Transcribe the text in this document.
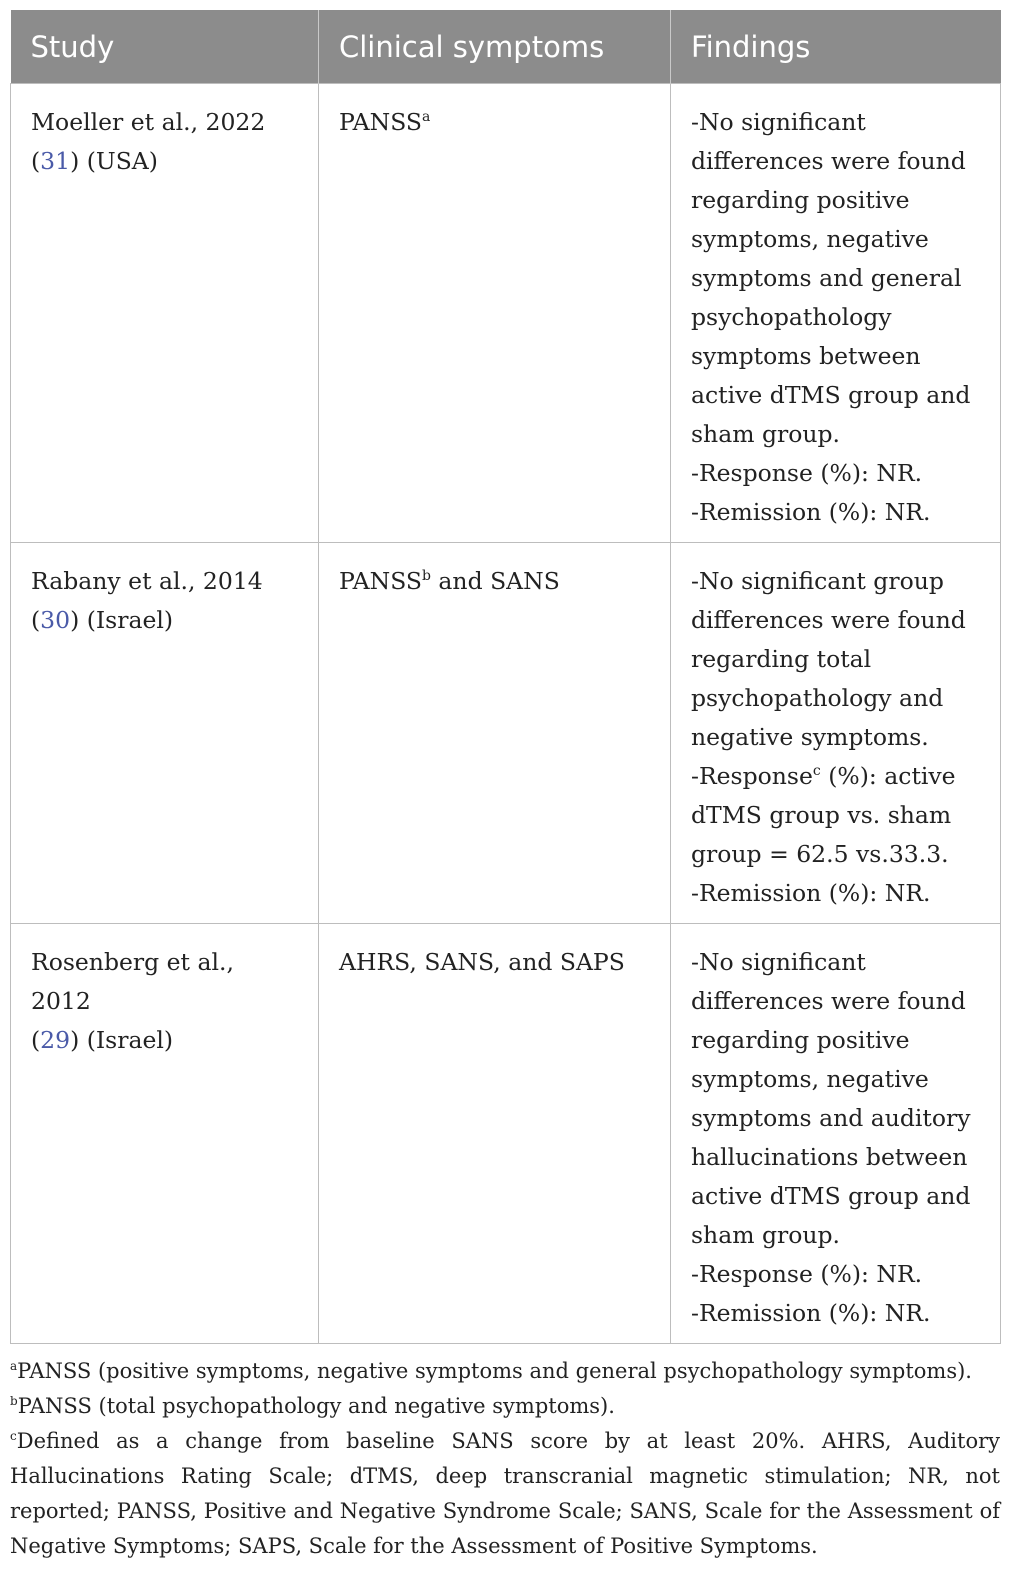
Study	Clinical symptoms	Findings
Moeller et al., 2022
(31) (USA)	PANSS$^a$	-No significant differences were found regarding positive symptoms, negative symptoms and general psychopathology symptoms between active dTMS group and sham group.
-Response (%): NR.
-Remission (%): NR.

Rabany et al., 2014
(30) (Israel)	PANSS$^b$ and SANS	-No significant group differences were found regarding total psychopathology and negative symptoms.
-Response$^c$ (%): active dTMS group vs. sham group = 62.5 vs.33.3.
-Remission (%): NR.

Rosenberg et al., 2012
(29) (Israel)	AHRS, SANS, and SAPS	-No significant differences were found regarding positive symptoms, negative symptoms and auditory hallucinations between active dTMS group and sham group.
-Response (%): NR.
-Remission (%): NR.

$^a$PANSS (positive symptoms, negative symptoms and general psychopathology symptoms).

$^b$PANSS (total psychopathology and negative symptoms).

$^c$Defined as a change from baseline SANS score by at least 20%. AHRS, Auditory Hallucinations Rating Scale; dTMS, deep transcranial magnetic stimulation; NR, not reported; PANSS, Positive and Negative Syndrome Scale; SANS, Scale for the Assessment of Negative Symptoms; SAPS, Scale for the Assessment of Positive Symptoms.
